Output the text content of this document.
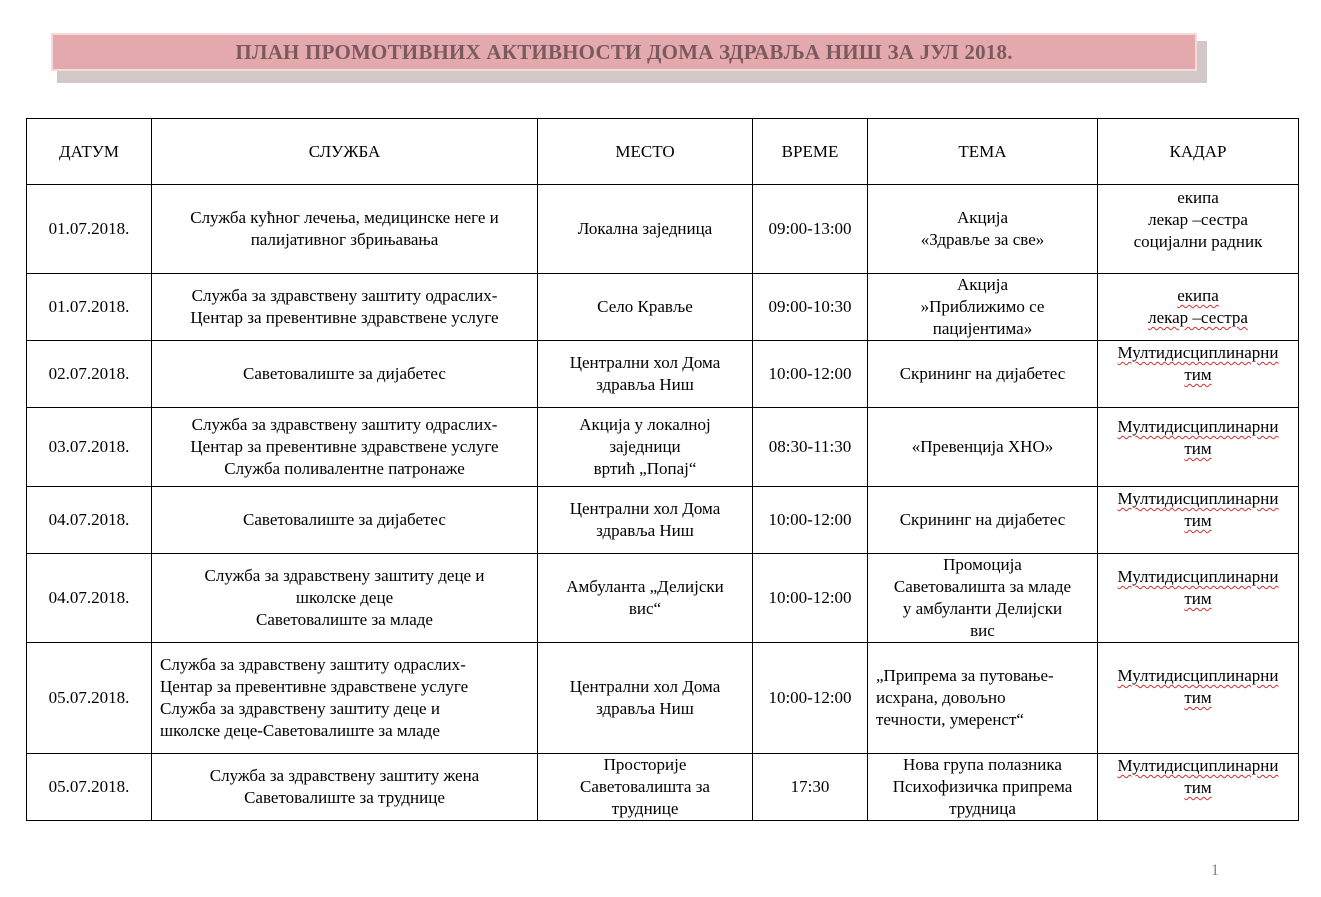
ПЛАН ПРОМОТИВНИХ АКТИВНОСТИ ДОМА ЗДРАВЉА НИШ ЗА ЈУЛ 2018.
ДАТУМ	СЛУЖБА	МЕСТО	ВРЕМЕ	ТЕМА	КАДАР
01.07.2018.	Служба кућног лечења, медицинске неге и палијативног збрињавања	Локална заједница	09:00-13:00	Акција
«Здравље за све»	екипа
лекар –сестра
социјални радник
01.07.2018.	Служба за здравствену заштиту одраслих-
Центар за превентивне здравствене услуге	Село Кравље	09:00-10:30	Акција
»Приближимо се
пацијентима»	екипа
лекар –сестра
02.07.2018.	Саветовалиште за дијабетес	Централни хол Дома
здравља Ниш	10:00-12:00	Скрининг на дијабетес	Мултидисциплинарни
тим
03.07.2018.	Служба за здравствену заштиту одраслих-
Центар за превентивне здравствене услуге
Служба поливалентне патронаже	Акција у локалној
заједници
вртић „Попај“	08:30-11:30	«Превенција ХНО»	Мултидисциплинарни
тим
04.07.2018.	Саветовалиште за дијабетес	Централни хол Дома
здравља Ниш	10:00-12:00	Скрининг на дијабетес	Мултидисциплинарни
тим
04.07.2018.	Служба за здравствену заштиту деце и
школске деце
Саветовалиште за младе	Амбуланта „Делијски
вис“	10:00-12:00	Промоција
Саветовалишта за младе
у амбуланти Делијски
вис	Мултидисциплинарни
тим
05.07.2018.	Служба за здравствену заштиту одраслих-
Центар за превентивне здравствене услуге
Служба за здравствену заштиту деце и
школске деце-Саветовалиште за младе	Централни хол Дома
здравља Ниш	10:00-12:00	„Припрема за путовање-
исхрана, довољно
течности, умеренст“	Мултидисциплинарни
тим
05.07.2018.	Служба за здравствену заштиту жена
Саветовалиште за труднице	Просторије
Саветовалишта за
труднице	17:30	Нова група полазника
Психофизичка припрема
трудница	Мултидисциплинарни
тим
1
